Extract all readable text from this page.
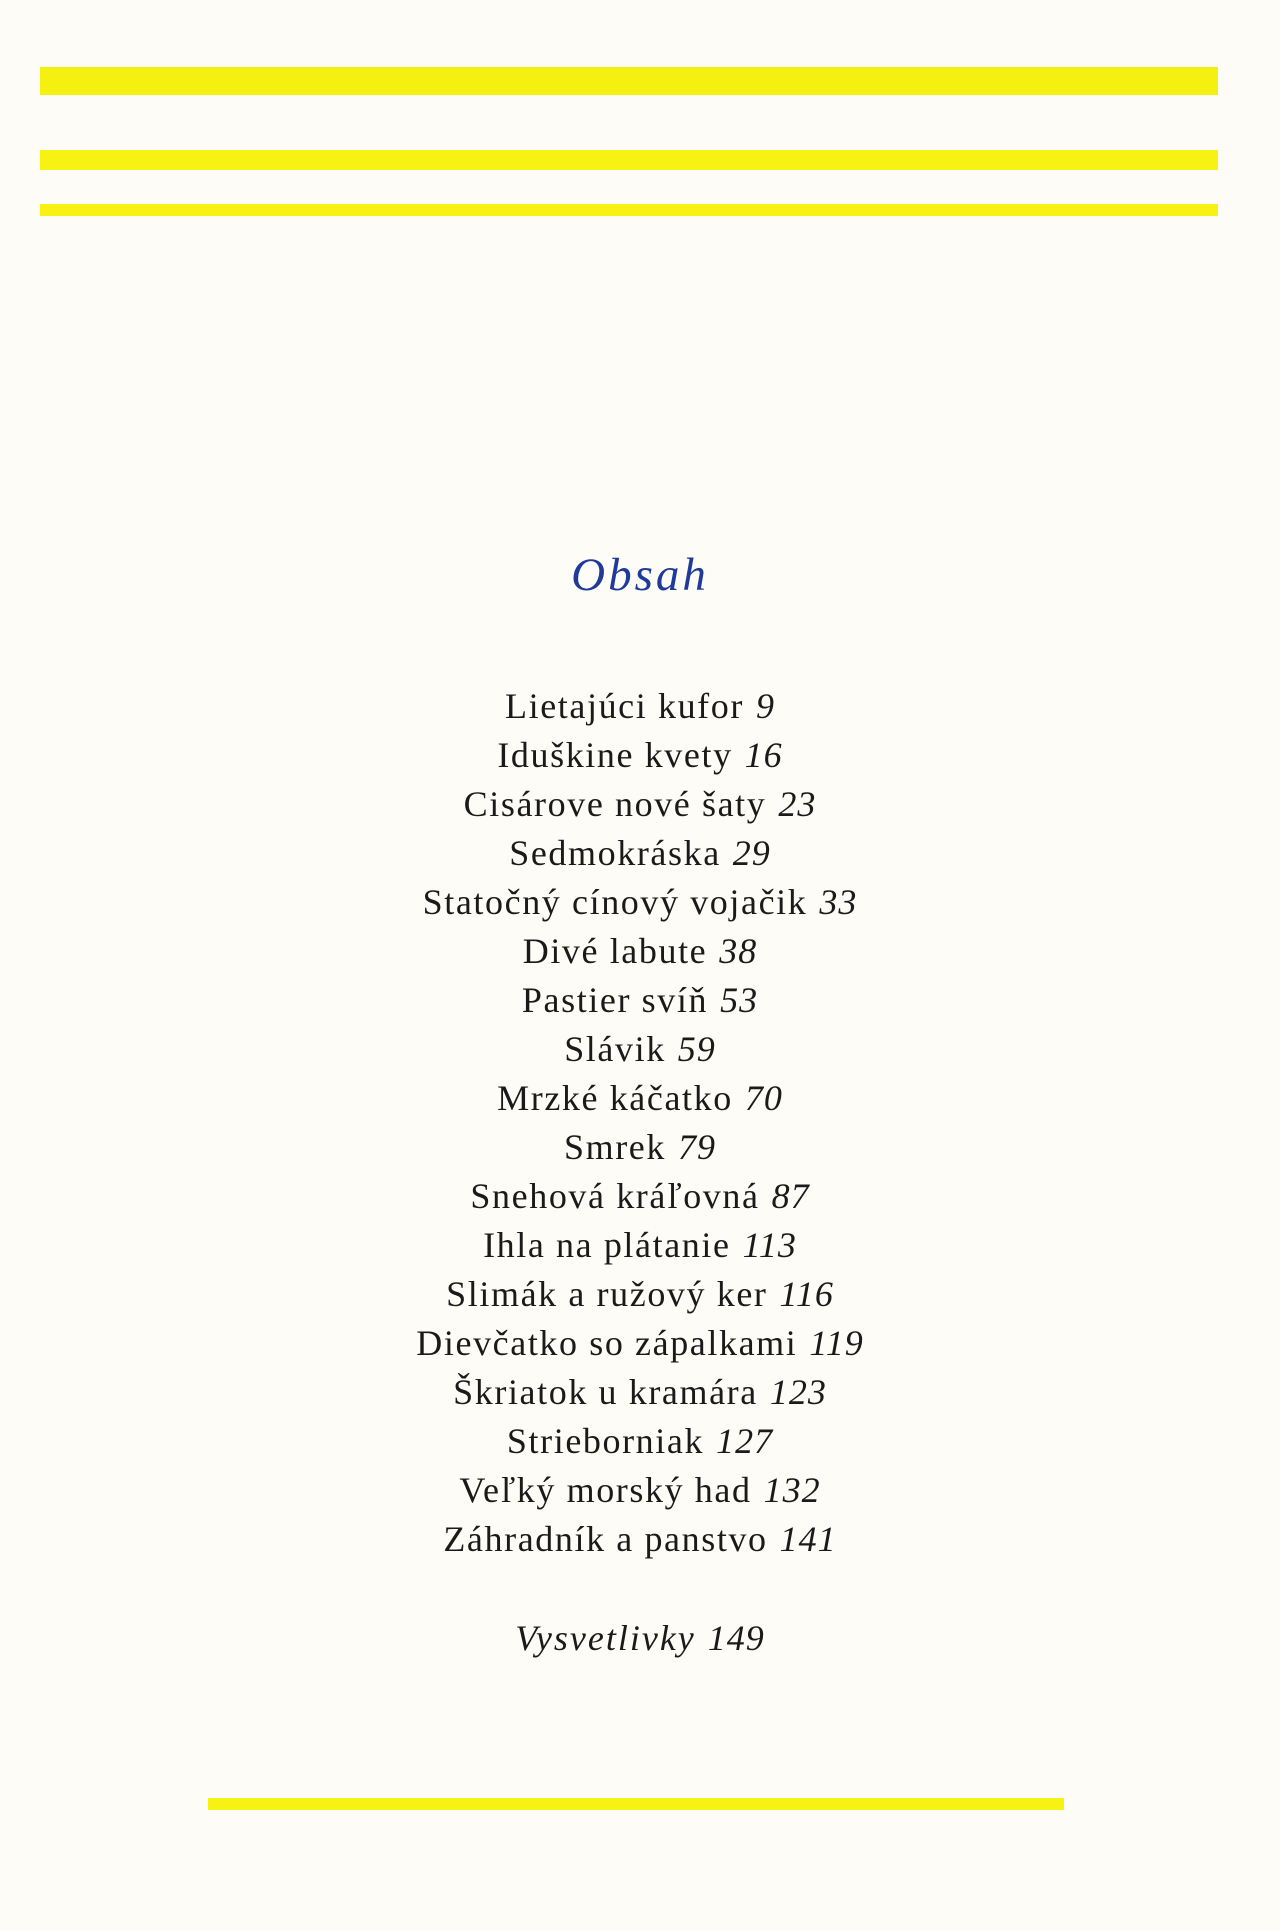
Obsah
Lietajúci kufor 9
Iduškine kvety 16
Cisárove nové šaty 23
Sedmokráska 29
Statočný cínový vojačik 33
Divé labute 38
Pastier svíň 53
Slávik 59
Mrzké káčatko 70
Smrek 79
Snehová kráľovná 87
Ihla na plátanie 113
Slimák a ružový ker 116
Dievčatko so zápalkami 119
Škriatok u kramára 123
Strieborniak 127
Veľký morský had 132
Záhradník a panstvo 141
Vysvetlivky 149
